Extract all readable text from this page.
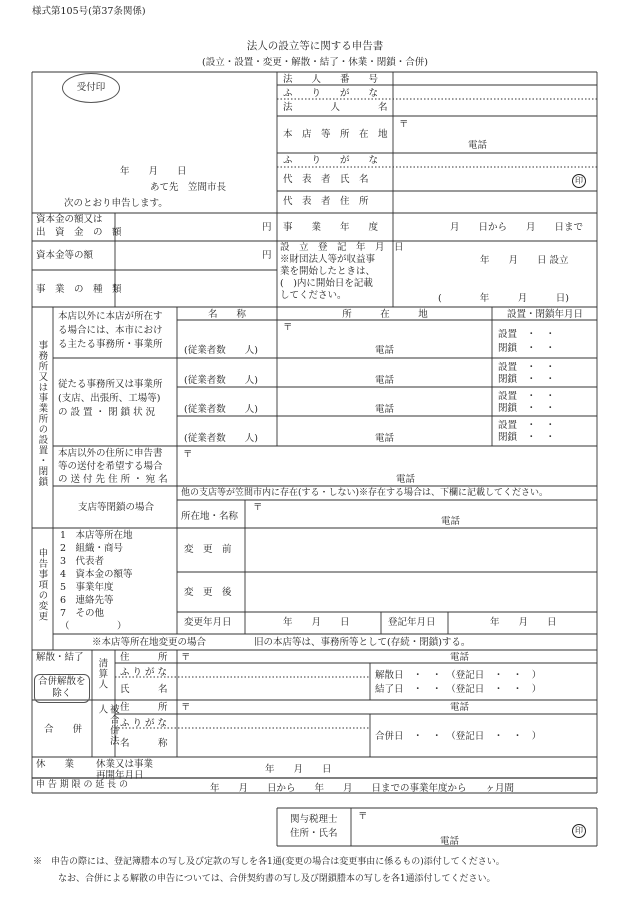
様式第105号(第37条関係)
法人の設立等に関する申告書
(設立・設置・変更・解散・結了・休業・閉鎖・合併)
受付印
年　　月　　日
あて先　笠間市長
次のとおり申告します。
法　　人　　番　　号
ふ　　り　　が　　な
法　　　　人　　　　名
本　店　等　所　在　地
〒
電話
ふ　　り　　が　　な
代　表　者　氏　名	印
代　表　者　住　所
資本金の額又は
出　資　金　の　額	円 事　　業　　年　　度	月　　日から　　月　　日まで
資本金等の額	円
設　立　登　記　年　月　日
※財団法人等が収益事
業を開始したときは、
(　)内に開始日を記載
してください。
年　　月　　日 設立
(　　　　年　　　月　　　日)
事　業　の　種　類
事務所又は事業所の設置・閉鎖
本店以外に本店が所在す
る場合には、本市におけ
る主たる事務所・事業所
名　　称	所　　　在　　　地	設置・閉鎖年月日
〒
(従業者数　　人)	電話
設置　・　・
閉鎖　・　・
従たる事務所又は事業所
(支店、出張所、工場等)
の 設 置 ・ 閉 鎖 状 況
(従業者数　　人)	電話
設置　・　・
閉鎖　・　・
(従業者数　　人)	電話
設置　・　・
閉鎖　・　・
(従業者数　　人)	電話
設置　・　・
閉鎖　・　・
本店以外の住所に申告書
等の送付を希望する場合
の 送 付 先 住 所 ・ 宛 名
〒
電話
支店等閉鎖の場合
他の支店等が笠間市内に存在(する・しない)※存在する場合は、下欄に記載してください。
所在地・名称
〒
電話
申告事項の変更
1　本店等所在地
2　組織・商号
3　代表者
4　資本金の額等
5　事業年度
6　連絡先等
7　その他
（　　　　　）
変　更　前
変　更　後
変更年月日	年　　月　　日	登記年月日	年　　月　　日
※本店等所在地変更の場合	旧の本店等は、事務所等として(存続・閉鎖)する。
解散・結了
合併解散を
除く
清算人
住　　　所
ふ り が な
氏　　　名
〒	電話
解散日　・　・　（登記日　・　・　）
結了日　・　・　（登記日　・　・　）
合　　併	被合併法人	住　　　所
ふ り が な
名　　　称
〒	電話
合併日　・　・　（登記日　・　・　）
休　　業 休業又は事業
再開年月日
年　　月　　日
申 告 期 限 の 延 長 の	年　　月　　日から　　年　　月　　日までの事業年度から　　ヶ月間
関与税理士
住所・氏名
〒
電話
印
※　申告の際には、登記簿謄本の写し及び定款の写しを各1通(変更の場合は変更事由に係るもの)添付してください。
なお、合併による解散の申告については、合併契約書の写し及び閉鎖謄本の写しを各1通添付してください。
